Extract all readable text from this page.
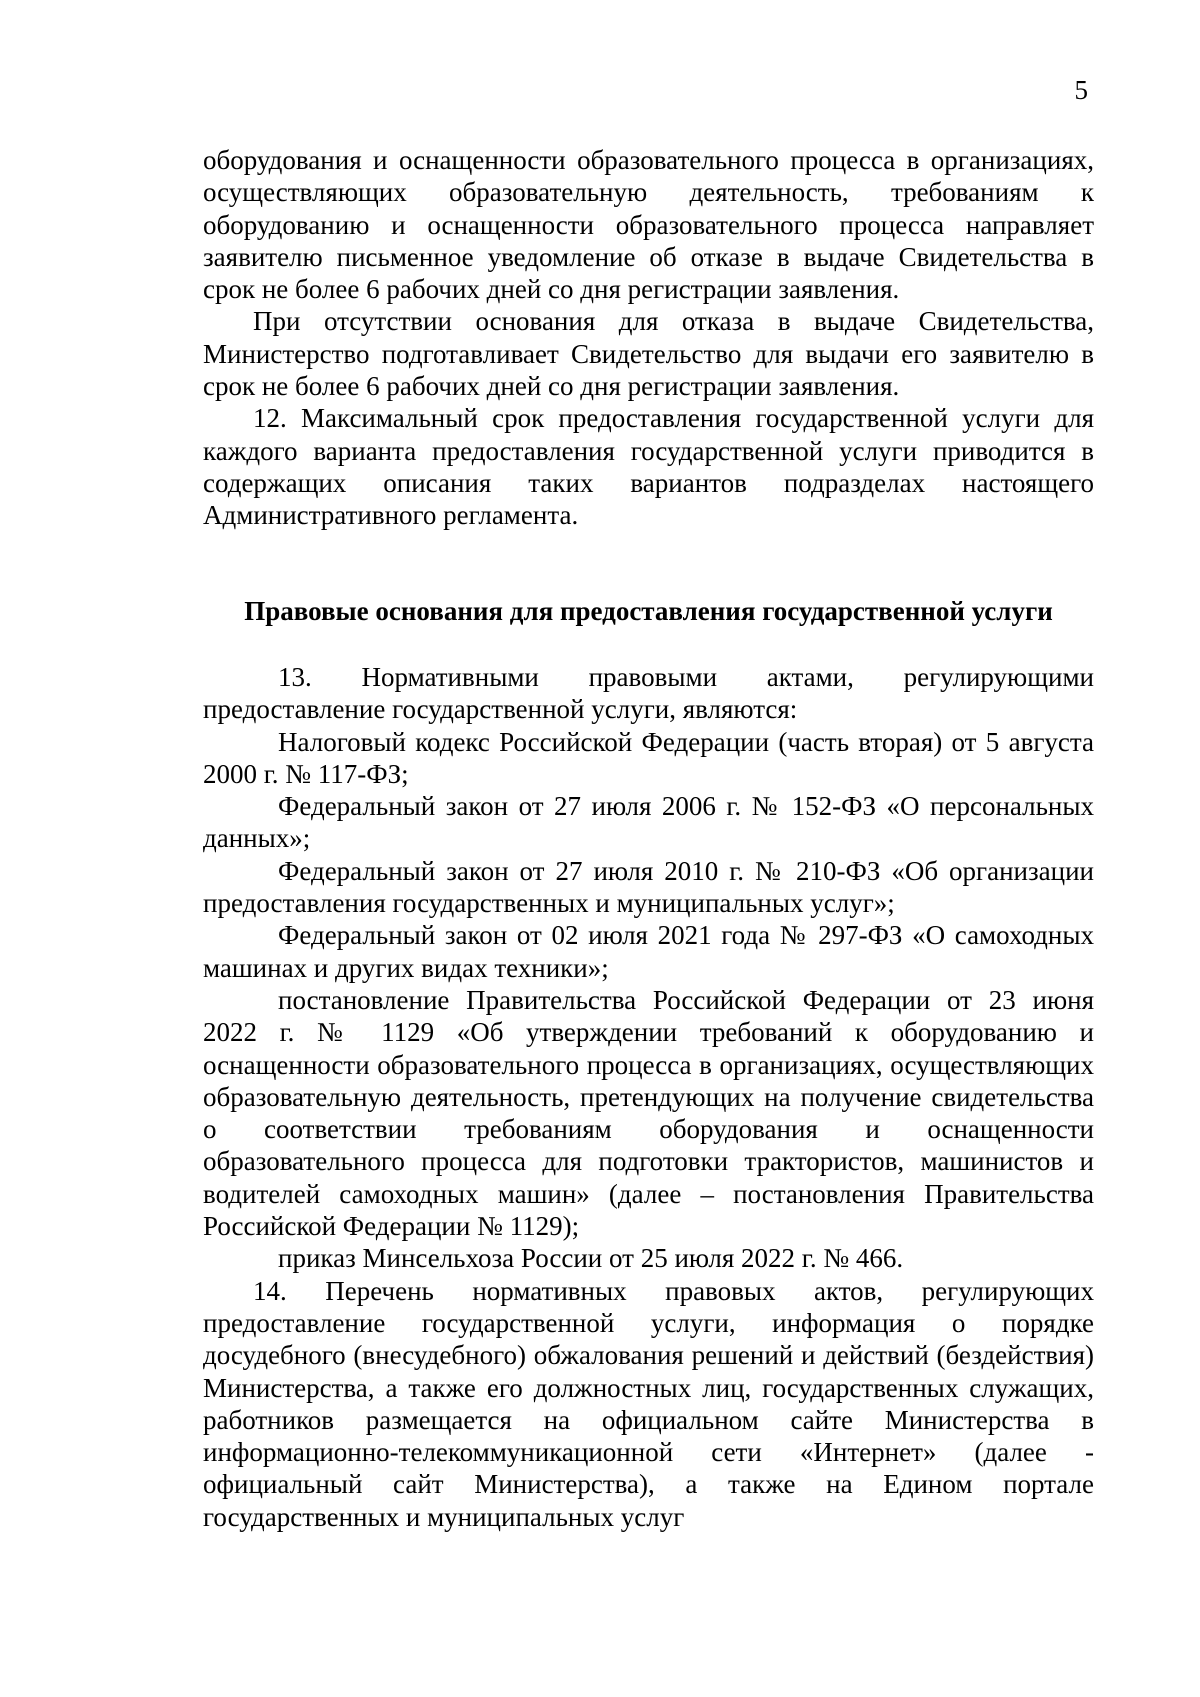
5

оборудования и оснащенности образовательного процесса в организациях, осуществляющих образовательную деятельность, требованиям к оборудованию и оснащенности образовательного процесса направляет заявителю письменное уведомление об отказе в выдаче Свидетельства в срок не более 6 рабочих дней со дня регистрации заявления.

При отсутствии основания для отказа в выдаче Свидетельства, Министерство подготавливает Свидетельство для выдачи его заявителю в срок не более 6 рабочих дней со дня регистрации заявления.

12. Максимальный срок предоставления государственной услуги для каждого варианта предоставления государственной услуги приводится в содержащих описания таких вариантов подразделах настоящего Административного регламента.

Правовые основания для предоставления государственной услуги

13. Нормативными правовыми актами, регулирующими предоставление государственной услуги, являются:

Налоговый кодекс Российской Федерации (часть вторая) от 5 августа 2000 г. № 117-ФЗ;

Федеральный закон от 27 июля 2006 г. № 152-ФЗ «О персональных данных»;

Федеральный закон от 27 июля 2010 г. № 210-ФЗ «Об организации предоставления государственных и муниципальных услуг»;

Федеральный закон от 02 июля 2021 года № 297-ФЗ «О самоходных машинах и других видах техники»;

постановление Правительства Российской Федерации от 23 июня 2022 г. № 1129 «Об утверждении требований к оборудованию и оснащенности образовательного процесса в организациях, осуществляющих образовательную деятельность, претендующих на получение свидетельства о соответствии требованиям оборудования и оснащенности образовательного процесса для подготовки трактористов, машинистов и водителей самоходных машин» (далее – постановления Правительства Российской Федерации № 1129);

приказ Минсельхоза России от 25 июля 2022 г. № 466.

14. Перечень нормативных правовых актов, регулирующих предоставление государственной услуги, информация о порядке досудебного (внесудебного) обжалования решений и действий (бездействия) Министерства, а также его должностных лиц, государственных служащих, работников размещается на официальном сайте Министерства в информационно-телекоммуникационной сети «Интернет» (далее - официальный сайт Министерства), а также на Едином портале государственных и муниципальных услуг
